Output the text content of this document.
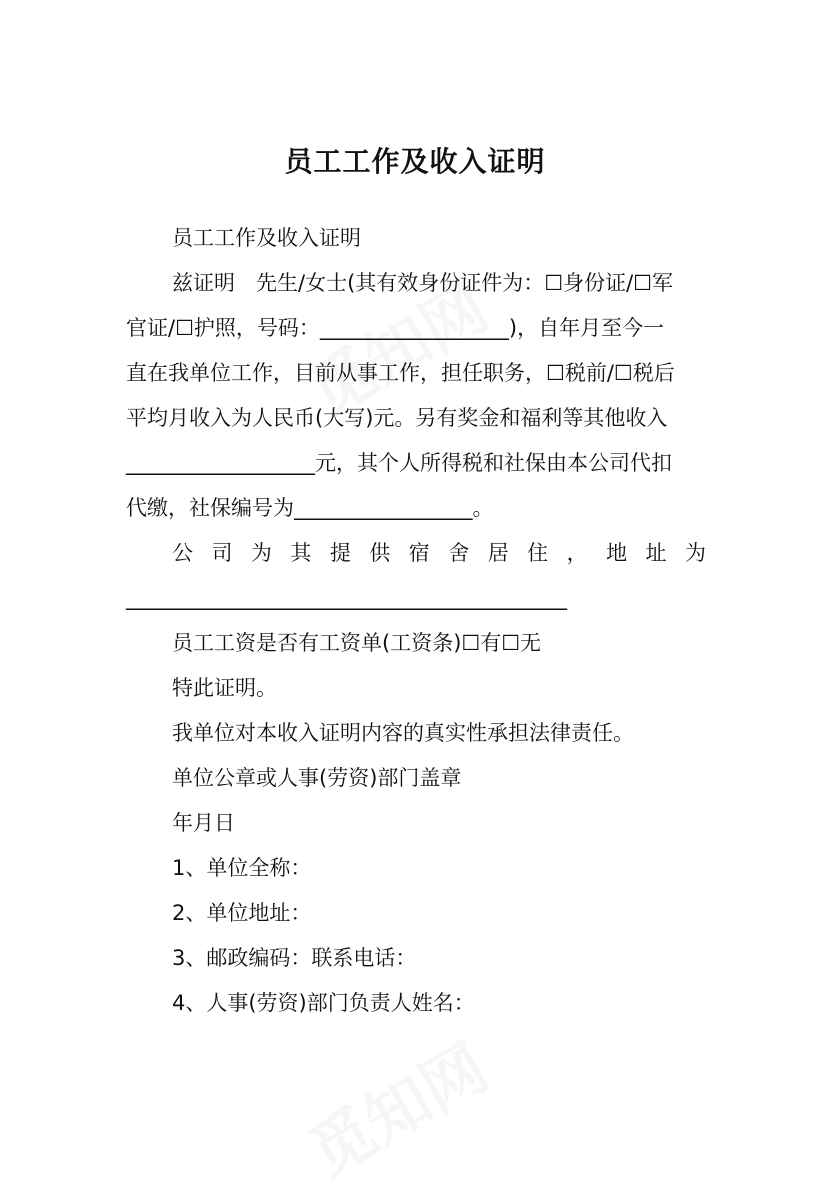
员工工作及收入证明
员工工作及收入证明
兹证明　先生/女士(其有效身份证件为：☐身份证/☐军
官证/☐护照，号码：__________________)，自年月至今一
直在我单位工作，目前从事工作，担任职务，☐税前/☐税后
平均月收入为人民币(大写)元。另有奖金和福利等其他收入
__________________元，其个人所得税和社保由本公司代扣
代缴，社保编号为_________________。
公 司 为 其 提 供 宿 舍 居 住 ， 地 址 为
__________________________________________
员工工资是否有工资单(工资条)☐有☐无
特此证明。
我单位对本收入证明内容的真实性承担法律责任。
单位公章或人事(劳资)部门盖章
年月日
1、单位全称：
2、单位地址：
3、邮政编码：联系电话：
4、人事(劳资)部门负责人姓名：
